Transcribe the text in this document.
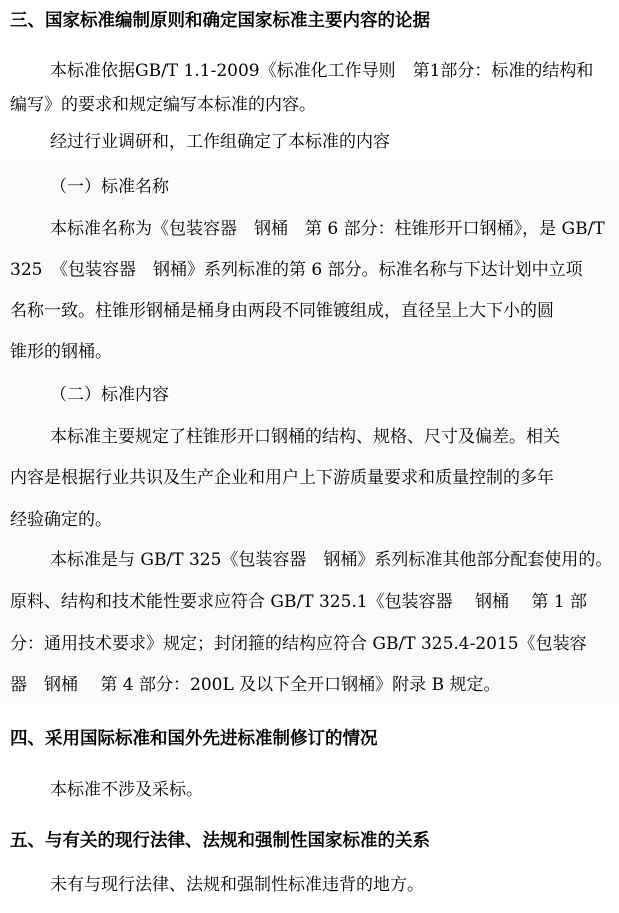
三、国家标准编制原则和确定国家标准主要内容的论据
本标准依据GB/T 1.1-2009《标准化工作导则　第1部分：标准的结构和
编写》的要求和规定编写本标准的内容。
经过行业调研和，工作组确定了本标准的内容
（一）标准名称
本标准名称为《包装容器　钢桶　第 6 部分：柱锥形开口钢桶》，是 GB/T
325　《包装容器　钢桶》系列标准的第 6 部分。标准名称与下达计划中立项
名称一致。柱锥形钢桶是桶身由两段不同锥镀组成，直径呈上大下小的圆
锥形的钢桶。
（二）标准内容
本标准主要规定了柱锥形开口钢桶的结构、规格、尺寸及偏差。相关
内容是根据行业共识及生产企业和用户上下游质量要求和质量控制的多年
经验确定的。
本标准是与 GB/T 325《包装容器　钢桶》系列标准其他部分配套使用的。
原料、结构和技术能性要求应符合 GB/T 325.1《包装容器　 钢桶　 第 1 部
分：通用技术要求》规定；封闭箍的结构应符合 GB/T 325.4-2015《包装容
器　钢桶　 第 4 部分：200L 及以下全开口钢桶》附录 B 规定。
四、采用国际标准和国外先进标准制修订的情况
本标准不涉及采标。
五、与有关的现行法律、法规和强制性国家标准的关系
未有与现行法律、法规和强制性标准违背的地方。
